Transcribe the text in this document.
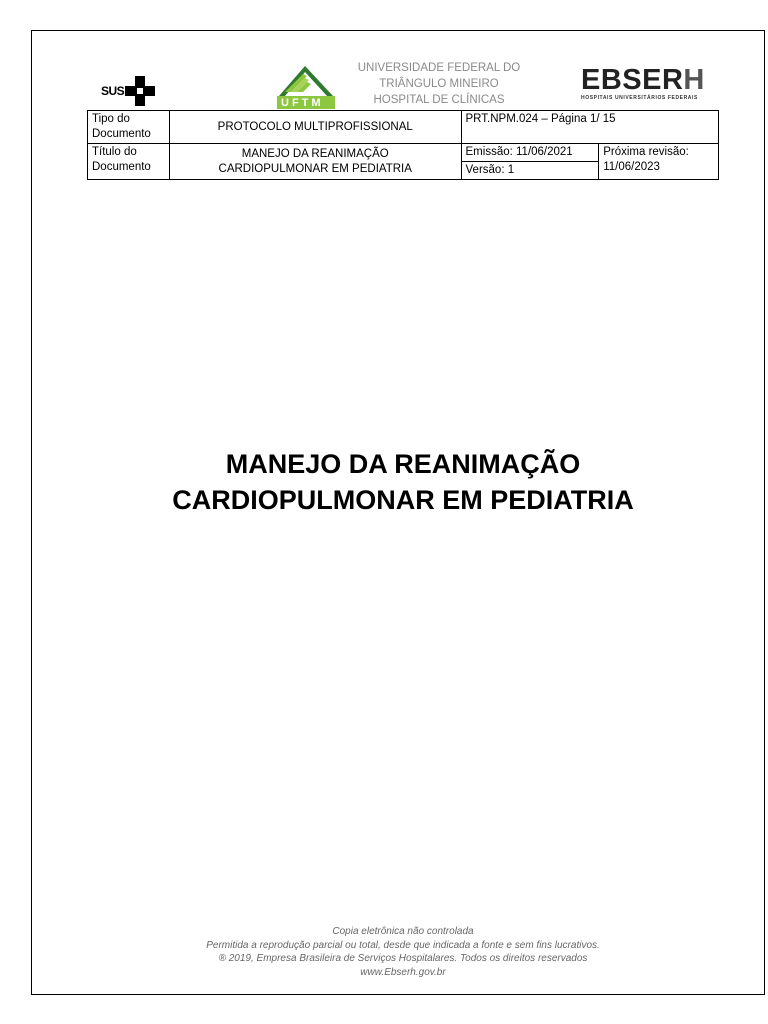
SUS
UFTM
UNIVERSIDADE FEDERAL DO
TRIÂNGULO MINEIRO
HOSPITAL DE CLÍNICAS
EBSERH
HOSPITAIS UNIVERSITÁRIOS FEDERAIS
Tipo do Documento	PROTOCOLO MULTIPROFISSIONAL	PRT.NPM.024 – Página 1/ 15	
Título do Documento	MANEJO DA REANIMAÇÃO CARDIOPULMONAR EM PEDIATRIA	Emissão: 11/06/2021	Próxima revisão: 11/06/2023
		Versão: 1	
MANEJO DA REANIMAÇÃO
CARDIOPULMONAR EM PEDIATRIA
Copia eletrônica não controlada
Permitida a reprodução parcial ou total, desde que indicada a fonte e sem fins lucrativos.
® 2019, Empresa Brasileira de Serviços Hospitalares. Todos os direitos reservados
www.Ebserh.gov.br
